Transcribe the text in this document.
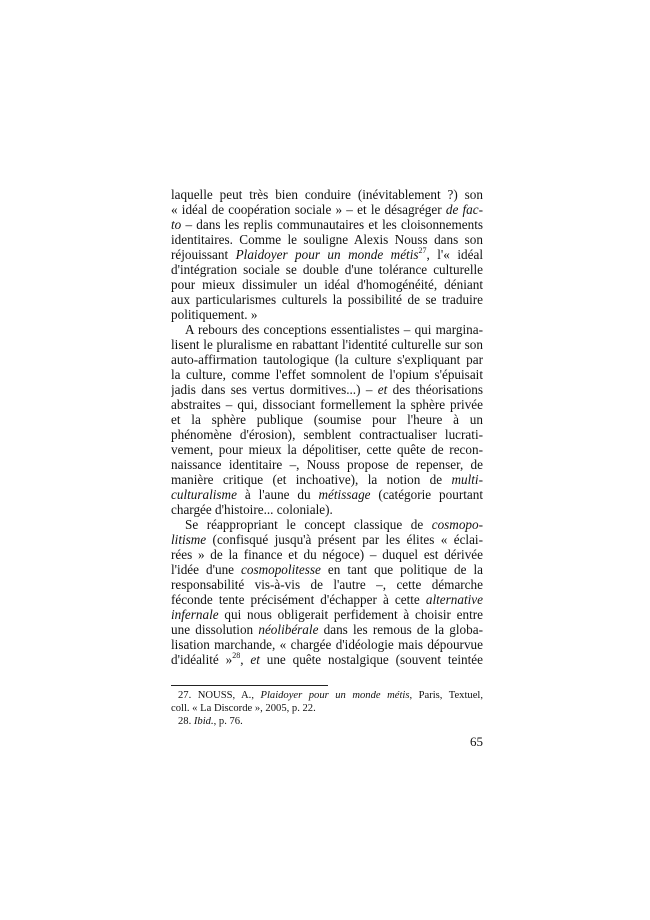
laquelle peut très bien conduire (inévitablement ?) son
« idéal de coopération sociale » – et le désagréger de fac-
to – dans les replis communautaires et les cloisonnements
identitaires. Comme le souligne Alexis Nouss dans son
réjouissant Plaidoyer pour un monde métis$^{27}$, l'« idéal
d'intégration sociale se double d'une tolérance culturelle
pour mieux dissimuler un idéal d'homogénéité, déniant
aux particularismes culturels la possibilité de se traduire
politiquement. »
A rebours des conceptions essentialistes – qui margina-
lisent le pluralisme en rabattant l'identité culturelle sur son
auto-affirmation tautologique (la culture s'expliquant par
la culture, comme l'effet somnolent de l'opium s'épuisait
jadis dans ses vertus dormitives...) – et des théorisations
abstraites – qui, dissociant formellement la sphère privée
et la sphère publique (soumise pour l'heure à un
phénomène d'érosion), semblent contractualiser lucrati-
vement, pour mieux la dépolitiser, cette quête de recon-
naissance identitaire –, Nouss propose de repenser, de
manière critique (et inchoative), la notion de multi-
culturalisme à l'aune du métissage (catégorie pourtant
chargée d'histoire... coloniale).
Se réappropriant le concept classique de cosmopo-
litisme (confisqué jusqu'à présent par les élites « éclai-
rées » de la finance et du négoce) – duquel est dérivée
l'idée d'une cosmopolitesse en tant que politique de la
responsabilité vis-à-vis de l'autre –, cette démarche
féconde tente précisément d'échapper à cette alternative
infernale qui nous obligerait perfidement à choisir entre
une dissolution néolibérale dans les remous de la globa-
lisation marchande, « chargée d'idéologie mais dépourvue
d'idéalité »$^{28}$, et une quête nostalgique (souvent teintée
27. NOUSS, A., Plaidoyer pour un monde métis, Paris, Textuel,
coll. « La Discorde », 2005, p. 22.
28. Ibid., p. 76.
65
